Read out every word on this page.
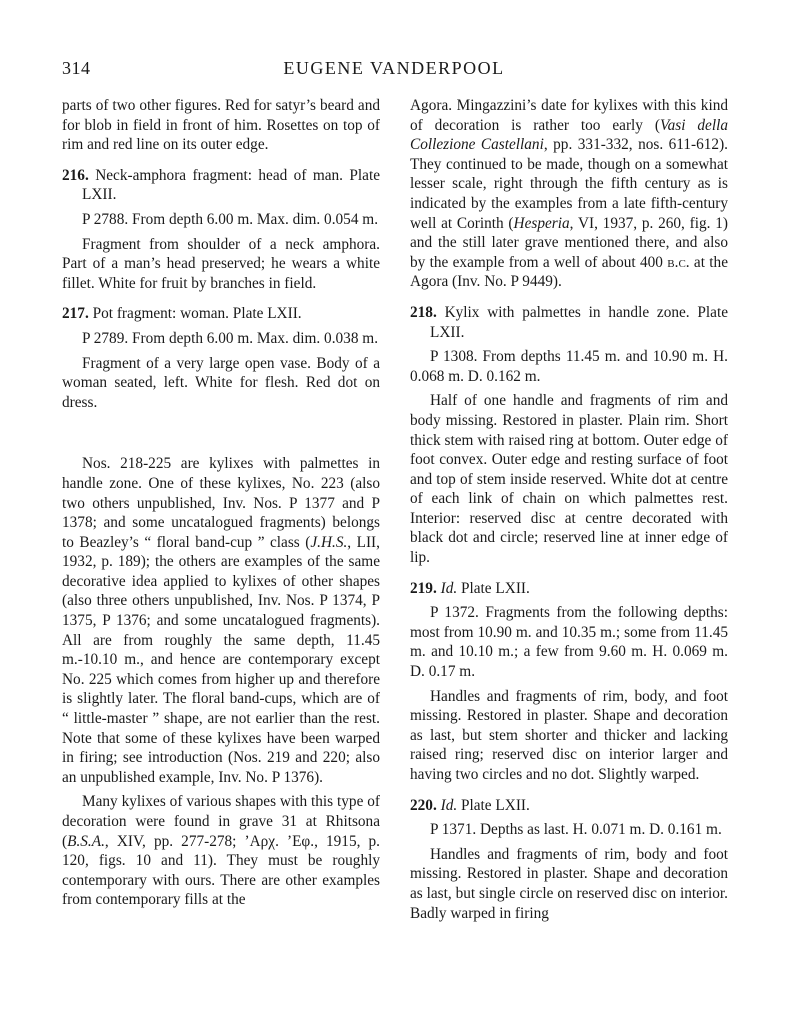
314	EUGENE VANDERPOOL

parts of two other figures. Red for satyr’s beard and for blob in field in front of him. Rosettes on top of rim and red line on its outer edge.

216. Neck-amphora fragment: head of man. Plate LXII.

P 2788. From depth 6.00 m. Max. dim. 0.054 m.

Fragment from shoulder of a neck amphora. Part of a man’s head preserved; he wears a white fillet. White for fruit by branches in field.

217. Pot fragment: woman. Plate LXII.

P 2789. From depth 6.00 m. Max. dim. 0.038 m.

Fragment of a very large open vase. Body of a woman seated, left. White for flesh. Red dot on dress.

Nos. 218-225 are kylixes with palmettes in handle zone. One of these kylixes, No. 223 (also two others unpublished, Inv. Nos. P 1377 and P 1378; and some uncatalogued fragments) belongs to Beazley’s “ floral band-cup ” class (J.H.S., LII, 1932, p. 189); the others are examples of the same decorative idea applied to kylixes of other shapes (also three others unpublished, Inv. Nos. P 1374, P 1375, P 1376; and some uncatalogued fragments). All are from roughly the same depth, 11.45 m.-10.10 m., and hence are contemporary except No. 225 which comes from higher up and therefore is slightly later. The floral band-cups, which are of “ little-master ” shape, are not earlier than the rest. Note that some of these kylixes have been warped in firing; see introduction (Nos. 219 and 220; also an unpublished example, Inv. No. P 1376).

Many kylixes of various shapes with this type of decoration were found in grave 31 at Rhitsona (B.S.A., XIV, pp. 277-278; ’Αρχ. ’Εφ., 1915, p. 120, figs. 10 and 11). They must be roughly contemporary with ours. There are other examples from contemporary fills at the

Agora. Mingazzini’s date for kylixes with this kind of decoration is rather too early (Vasi della Collezione Castellani, pp. 331-332, nos. 611-612). They continued to be made, though on a somewhat lesser scale, right through the fifth century as is indicated by the examples from a late fifth-century well at Corinth (Hesperia, VI, 1937, p. 260, fig. 1) and the still later grave mentioned there, and also by the example from a well of about 400 b.c. at the Agora (Inv. No. P 9449).

218. Kylix with palmettes in handle zone. Plate LXII.

P 1308. From depths 11.45 m. and 10.90 m. H. 0.068 m. D. 0.162 m.

Half of one handle and fragments of rim and body missing. Restored in plaster. Plain rim. Short thick stem with raised ring at bottom. Outer edge of foot convex. Outer edge and resting surface of foot and top of stem inside reserved. White dot at centre of each link of chain on which palmettes rest. Interior: reserved disc at centre decorated with black dot and circle; reserved line at inner edge of lip.

219. Id. Plate LXII.

P 1372. Fragments from the following depths: most from 10.90 m. and 10.35 m.; some from 11.45 m. and 10.10 m.; a few from 9.60 m. H. 0.069 m. D. 0.17 m.

Handles and fragments of rim, body, and foot missing. Restored in plaster. Shape and decoration as last, but stem shorter and thicker and lacking raised ring; reserved disc on interior larger and having two circles and no dot. Slightly warped.

220. Id. Plate LXII.

P 1371. Depths as last. H. 0.071 m. D. 0.161 m.

Handles and fragments of rim, body and foot missing. Restored in plaster. Shape and decoration as last, but single circle on reserved disc on interior. Badly warped in firing
